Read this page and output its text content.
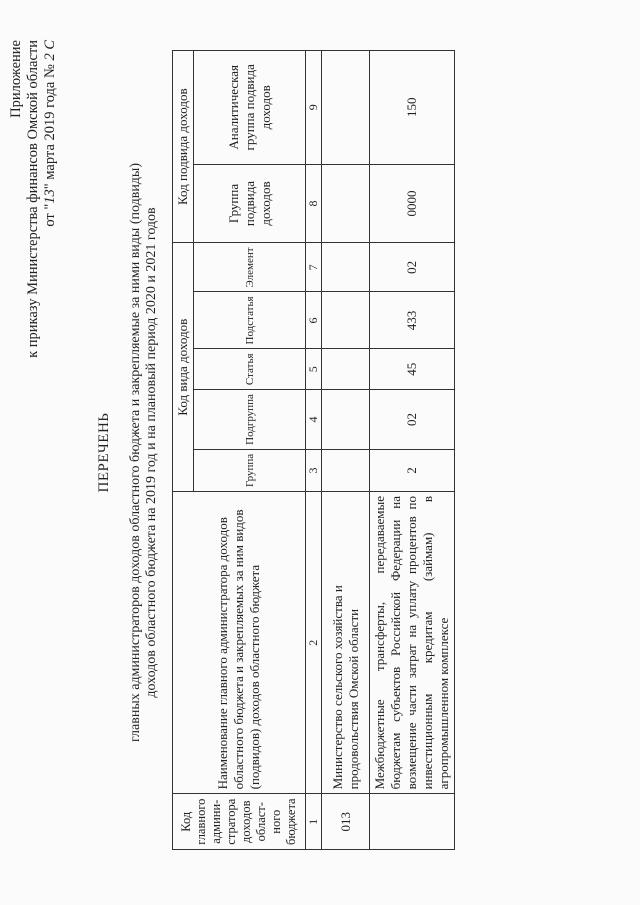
Приложение к приказу Министерства финансов Омской области от "13" марта 2019 года № 2 С
ПЕРЕЧЕНЬ главных администраторов доходов областного бюджета и закрепляемые за ними виды (подвиды) доходов областного бюджета на 2019 год и на плановый период 2020 и 2021 годов
Код главного админи-стратора доходов област-ного бюджета	Наименование главного администратора доходов областного бюджета и закрепляемых за ним видов (подвидов) доходов областного бюджета	Код вида доходов					Код подвида доходов	
		Группа	Подгруппа	Статья	Подстатья	Элемент	Группа подвида доходов	Аналитическая группа подвида доходов
1	2	3	4	5	6	7	8	9
013	Министерство сельского хозяйства и продовольствия Омской области							
	Межбюджетные трансферты, передаваемые бюджетам субъектов Российской Федерации на возмещение части затрат на уплату процентов по инвестиционным кредитам (займам) в агропромышленном комплексе	2	02	45	433	02	0000	150
